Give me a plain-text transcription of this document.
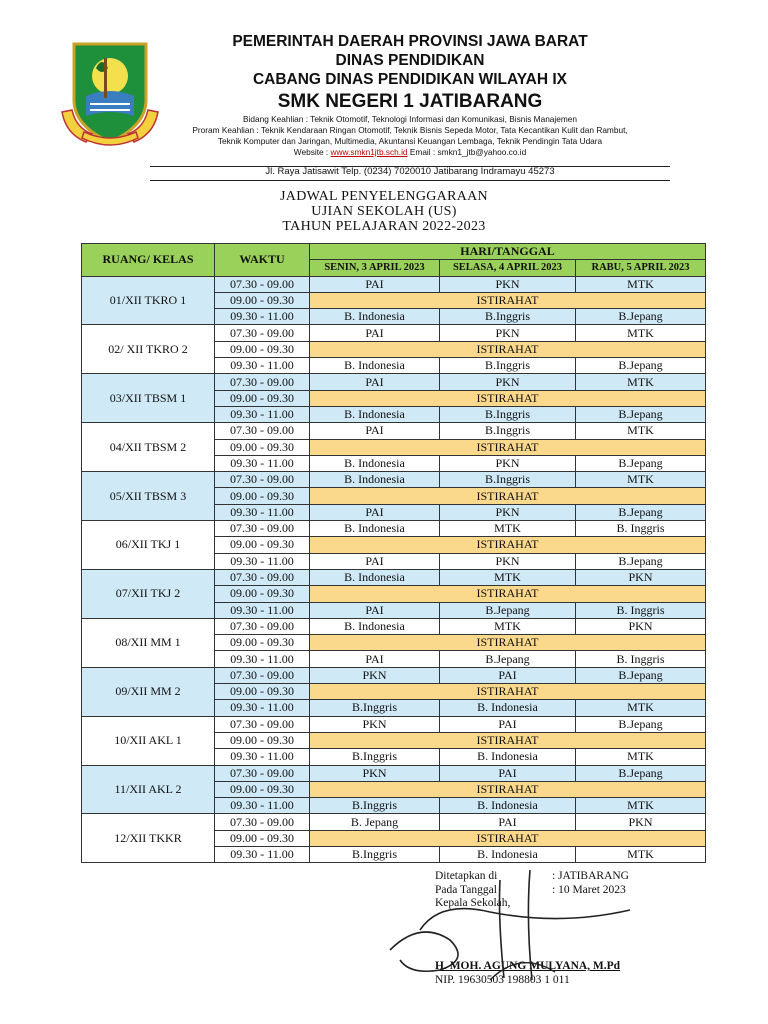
PEMERINTAH DAERAH PROVINSI JAWA BARAT
DINAS PENDIDIKAN
CABANG DINAS PENDIDIKAN WILAYAH IX
SMK NEGERI 1 JATIBARANG
Bidang Keahlian : Teknik Otomotif, Teknologi Informasi dan Komunikasi, Bisnis Manajemen
Proram Keahlian : Teknik Kendaraan Ringan Otomotif, Teknik Bisnis Sepeda Motor, Tata Kecantikan Kulit dan Rambut,
Teknik Komputer dan Jaringan, Multimedia, Akuntansi Keuangan Lembaga, Teknik Pendingin Tata Udara
Website : www.smkn1jtb.sch.id Email : smkn1_jtb@yahoo.co.id
Jl. Raya Jatisawit Telp. (0234) 7020010 Jatibarang Indramayu 45273
JADWAL PENYELENGGARAAN
UJIAN SEKOLAH (US)
TAHUN PELAJARAN 2022-2023
RUANG/ KELAS	WAKTU	HARI/TANGGAL		
		SENIN, 3 APRIL 2023	SELASA, 4 APRIL 2023	RABU, 5 APRIL 2023
01/XII TKRO 1	07.30 - 09.00	PAI	PKN	MTK
	09.00 - 09.30	ISTIRAHAT		
	09.30 - 11.00	B. Indonesia	B.Inggris	B.Jepang
02/ XII TKRO 2	07.30 - 09.00	PAI	PKN	MTK
	09.00 - 09.30	ISTIRAHAT		
	09.30 - 11.00	B. Indonesia	B.Inggris	B.Jepang
03/XII TBSM 1	07.30 - 09.00	PAI	PKN	MTK
	09.00 - 09.30	ISTIRAHAT		
	09.30 - 11.00	B. Indonesia	B.Inggris	B.Jepang
04/XII TBSM 2	07.30 - 09.00	PAI	B.Inggris	MTK
	09.00 - 09.30	ISTIRAHAT		
	09.30 - 11.00	B. Indonesia	PKN	B.Jepang
05/XII TBSM 3	07.30 - 09.00	B. Indonesia	B.Inggris	MTK
	09.00 - 09.30	ISTIRAHAT		
	09.30 - 11.00	PAI	PKN	B.Jepang
06/XII TKJ 1	07.30 - 09.00	B. Indonesia	MTK	B. Inggris
	09.00 - 09.30	ISTIRAHAT		
	09.30 - 11.00	PAI	PKN	B.Jepang
07/XII TKJ 2	07.30 - 09.00	B. Indonesia	MTK	PKN
	09.00 - 09.30	ISTIRAHAT		
	09.30 - 11.00	PAI	B.Jepang	B. Inggris
08/XII MM 1	07.30 - 09.00	B. Indonesia	MTK	PKN
	09.00 - 09.30	ISTIRAHAT		
	09.30 - 11.00	PAI	B.Jepang	B. Inggris
09/XII MM 2	07.30 - 09.00	PKN	PAI	B.Jepang
	09.00 - 09.30	ISTIRAHAT		
	09.30 - 11.00	B.Inggris	B. Indonesia	MTK
10/XII AKL 1	07.30 - 09.00	PKN	PAI	B.Jepang
	09.00 - 09.30	ISTIRAHAT		
	09.30 - 11.00	B.Inggris	B. Indonesia	MTK
11/XII AKL 2	07.30 - 09.00	PKN	PAI	B.Jepang
	09.00 - 09.30	ISTIRAHAT		
	09.30 - 11.00	B.Inggris	B. Indonesia	MTK
12/XII TKKR	07.30 - 09.00	B. Jepang	PAI	PKN
	09.00 - 09.30	ISTIRAHAT		
	09.30 - 11.00	B.Inggris	B. Indonesia	MTK
Ditetapkan di	: JATIBARANG
Pada Tanggal	: 10 Maret 2023
Kepala Sekolah,
H. MOH. AGUNG MULYANA, M.Pd
NIP. 19630503 198803 1 011
